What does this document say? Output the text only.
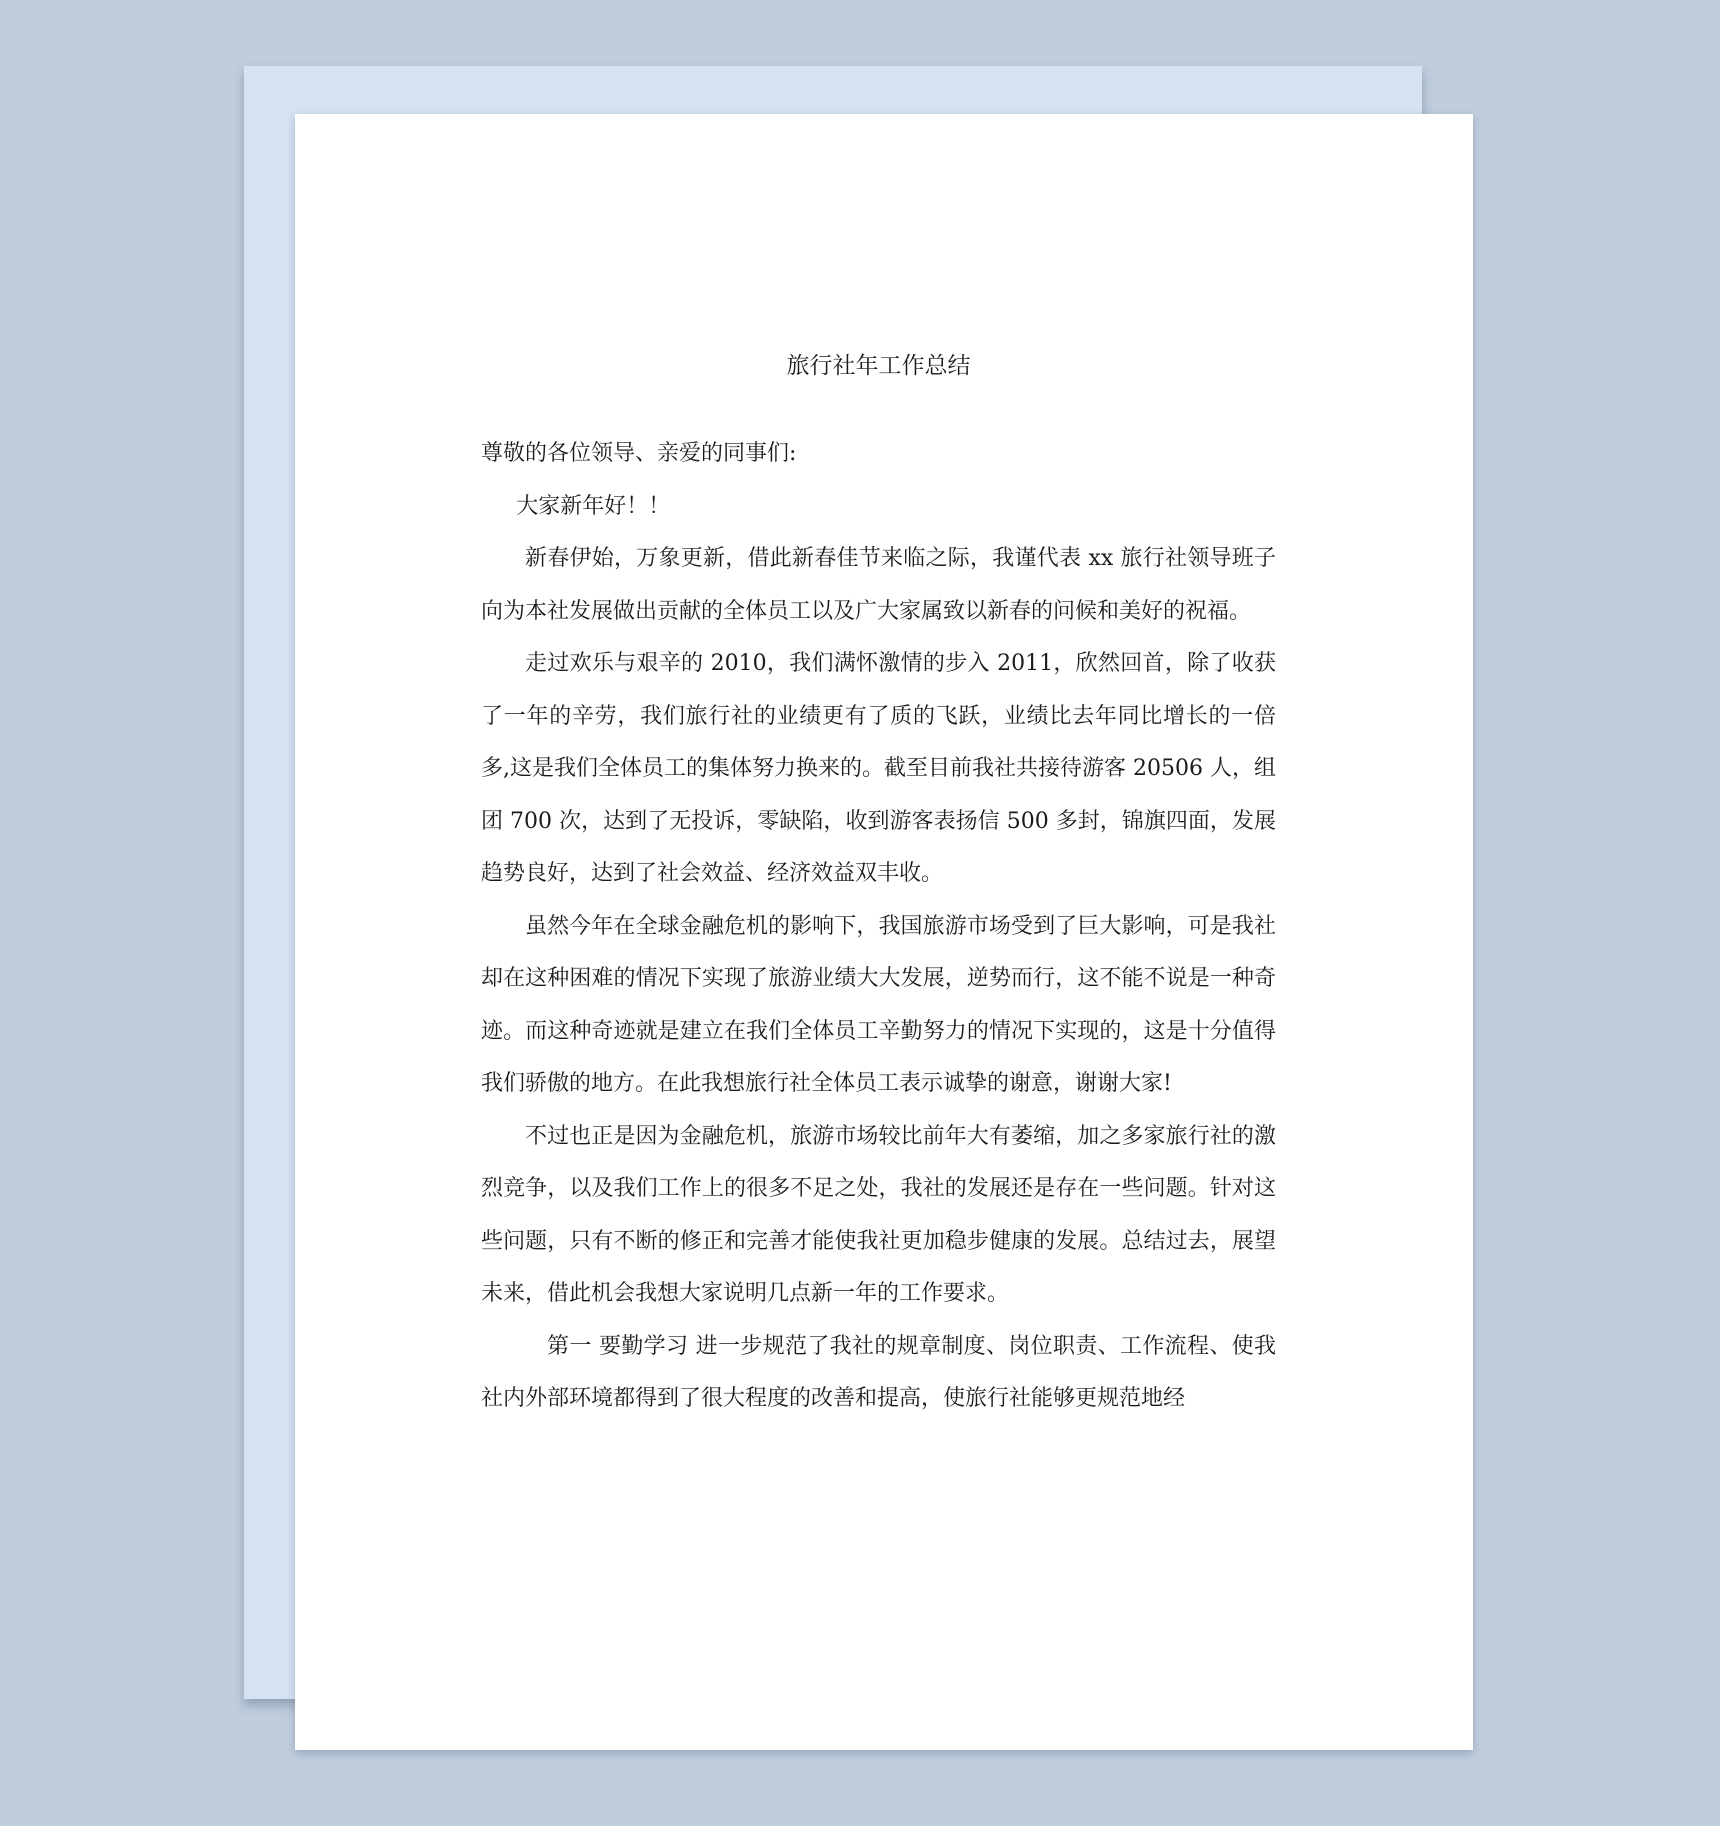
旅行社年工作总结

尊敬的各位领导、亲爱的同事们:

大家新年好！！

新春伊始，万象更新，借此新春佳节来临之际，我谨代表 xx 旅行社领导班子向为本社发展做出贡献的全体员工以及广大家属致以新春的问候和美好的祝福。

走过欢乐与艰辛的 2010，我们满怀激情的步入 2011，欣然回首，除了收获了一年的辛劳，我们旅行社的业绩更有了质的飞跃，业绩比去年同比增长的一倍多,这是我们全体员工的集体努力换来的。截至目前我社共接待游客 20506 人，组团 700 次，达到了无投诉，零缺陷，收到游客表扬信 500 多封，锦旗四面，发展趋势良好，达到了社会效益、经济效益双丰收。

虽然今年在全球金融危机的影响下，我国旅游市场受到了巨大影响，可是我社却在这种困难的情况下实现了旅游业绩大大发展，逆势而行，这不能不说是一种奇迹。而这种奇迹就是建立在我们全体员工辛勤努力的情况下实现的，这是十分值得我们骄傲的地方。在此我想旅行社全体员工表示诚挚的谢意，谢谢大家!

不过也正是因为金融危机，旅游市场较比前年大有萎缩，加之多家旅行社的激烈竞争，以及我们工作上的很多不足之处，我社的发展还是存在一些问题。针对这些问题，只有不断的修正和完善才能使我社更加稳步健康的发展。总结过去，展望未来，借此机会我想大家说明几点新一年的工作要求。

第一 要勤学习 进一步规范了我社的规章制度、岗位职责、工作流程、使我社内外部环境都得到了很大程度的改善和提高，使旅行社能够更规范地经
